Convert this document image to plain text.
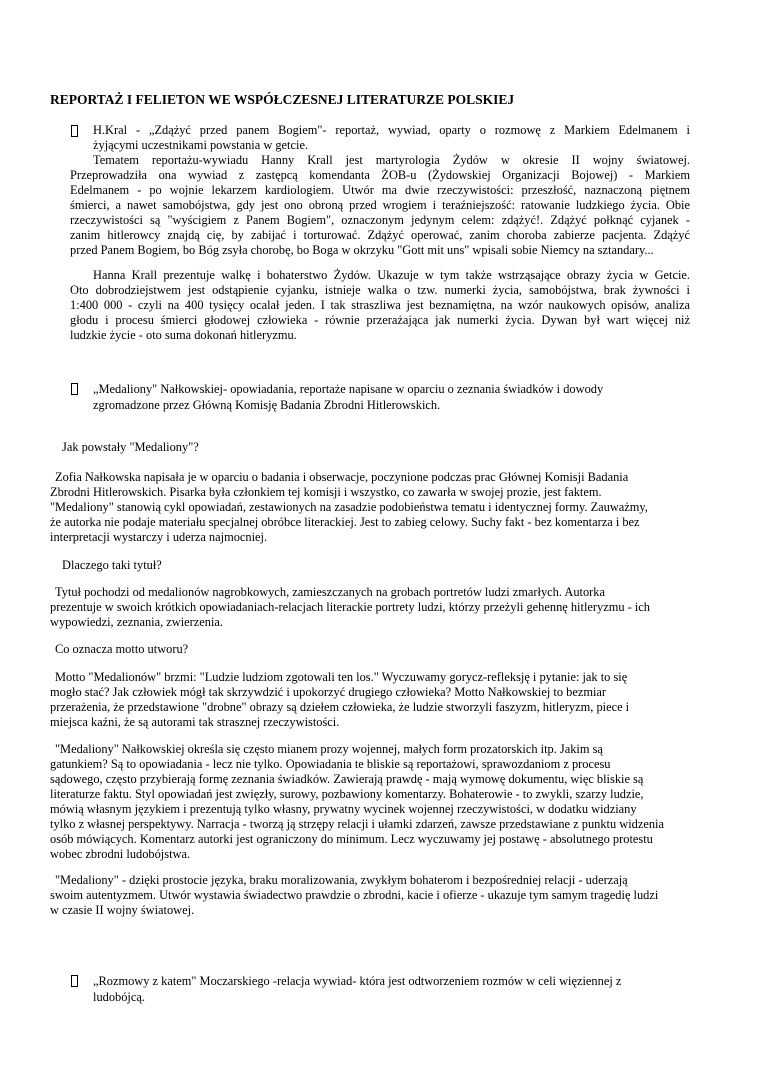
REPORTAŻ I FELIETON WE WSPÓŁCZESNEJ LITERATURZE POLSKIEJ
H.Kral - „Zdążyć przed panem Bogiem"- reportaż, wywiad, oparty o rozmowę z Markiem Edelmanem i
żyjącymi uczestnikami powstania w getcie.
Tematem reportażu-wywiadu Hanny Krall jest martyrologia Żydów w okresie II wojny światowej.
Przeprowadziła ona wywiad z zastępcą komendanta ŻOB-u (Żydowskiej Organizacji Bojowej) - Markiem
Edelmanem - po wojnie lekarzem kardiologiem. Utwór ma dwie rzeczywistości: przeszłość, naznaczoną piętnem
śmierci, a nawet samobójstwa, gdy jest ono obroną przed wrogiem i teraźniejszość: ratowanie ludzkiego życia. Obie
rzeczywistości są "wyścigiem z Panem Bogiem", oznaczonym jedynym celem: zdążyć!. Zdążyć połknąć cyjanek -
zanim hitlerowcy znajdą cię, by zabijać i torturować. Zdążyć operować, zanim choroba zabierze pacjenta. Zdążyć
przed Panem Bogiem, bo Bóg zsyła chorobę, bo Boga w okrzyku "Gott mit uns" wpisali sobie Niemcy na sztandary...
Hanna Krall prezentuje walkę i bohaterstwo Żydów. Ukazuje w tym także wstrząsające obrazy życia w Getcie.
Oto dobrodziejstwem jest odstąpienie cyjanku, istnieje walka o tzw. numerki życia, samobójstwa, brak żywności i
1:400 000 - czyli na 400 tysięcy ocalał jeden. I tak straszliwa jest beznamiętna, na wzór naukowych opisów, analiza
głodu i procesu śmierci głodowej człowieka - równie przerażająca jak numerki życia. Dywan był wart więcej niż
ludzkie życie - oto suma dokonań hitleryzmu.
„Medaliony" Nałkowskiej- opowiadania, reportaże napisane w oparciu o zeznania świadków i dowody
zgromadzone przez Główną Komisję Badania Zbrodni Hitlerowskich.
Jak powstały "Medaliony"?
Zofia Nałkowska napisała je w oparciu o badania i obserwacje, poczynione podczas prac Głównej Komisji Badania
Zbrodni Hitlerowskich. Pisarka była członkiem tej komisji i wszystko, co zawarła w swojej prozie, jest faktem.
"Medaliony" stanowią cykl opowiadań, zestawionych na zasadzie podobieństwa tematu i identycznej formy. Zauważmy,
że autorka nie podaje materiału specjalnej obróbce literackiej. Jest to zabieg celowy. Suchy fakt - bez komentarza i bez
interpretacji wystarczy i uderza najmocniej.
Dlaczego taki tytuł?
Tytuł pochodzi od medalionów nagrobkowych, zamieszczanych na grobach portretów ludzi zmarłych. Autorka
prezentuje w swoich krótkich opowiadaniach-relacjach literackie portrety ludzi, którzy przeżyli gehennę hitleryzmu - ich
wypowiedzi, zeznania, zwierzenia.
Co oznacza motto utworu?
Motto "Medalionów" brzmi: "Ludzie ludziom zgotowali ten los." Wyczuwamy gorycz-refleksję i pytanie: jak to się
mogło stać? Jak człowiek mógł tak skrzywdzić i upokorzyć drugiego człowieka? Motto Nałkowskiej to bezmiar
przerażenia, że przedstawione "drobne" obrazy są dziełem człowieka, że ludzie stworzyli faszyzm, hitleryzm, piece i
miejsca kaźni, że są autorami tak strasznej rzeczywistości.
"Medaliony" Nałkowskiej określa się często mianem prozy wojennej, małych form prozatorskich itp. Jakim są
gatunkiem? Są to opowiadania - lecz nie tylko. Opowiadania te bliskie są reportażowi, sprawozdaniom z procesu
sądowego, często przybierają formę zeznania świadków. Zawierają prawdę - mają wymowę dokumentu, więc bliskie są
literaturze faktu. Styl opowiadań jest zwięzły, surowy, pozbawiony komentarzy. Bohaterowie - to zwykli, szarzy ludzie,
mówią własnym językiem i prezentują tylko własny, prywatny wycinek wojennej rzeczywistości, w dodatku widziany
tylko z własnej perspektywy. Narracja - tworzą ją strzępy relacji i ułamki zdarzeń, zawsze przedstawiane z punktu widzenia
osób mówiących. Komentarz autorki jest ograniczony do minimum. Lecz wyczuwamy jej postawę - absolutnego protestu
wobec zbrodni ludobójstwa.
"Medaliony" - dzięki prostocie języka, braku moralizowania, zwykłym bohaterom i bezpośredniej relacji - uderzają
swoim autentyzmem. Utwór wystawia świadectwo prawdzie o zbrodni, kacie i ofierze - ukazuje tym samym tragedię ludzi
w czasie II wojny światowej.
„Rozmowy z katem" Moczarskiego -relacja wywiad- która jest odtworzeniem rozmów w celi więziennej z
ludobójcą.
